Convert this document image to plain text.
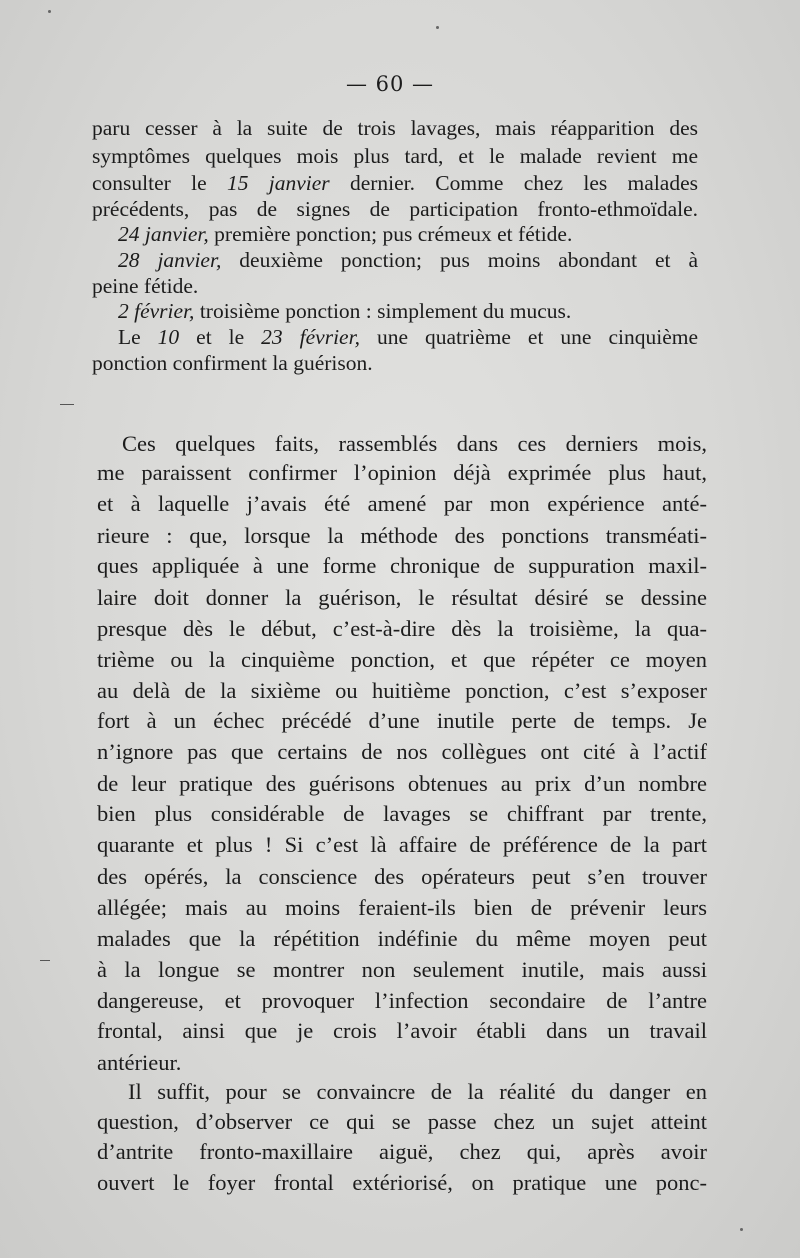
— 60 —
paru cesser à la suite de trois lavages, mais réapparition des
symptômes quelques mois plus tard, et le malade revient me
consulter le 15 janvier dernier. Comme chez les malades
précédents, pas de signes de participation fronto-ethmoïdale.
24 janvier, première ponction; pus crémeux et fétide.
28 janvier, deuxième ponction; pus moins abondant et à
peine fétide.
2 février, troisième ponction : simplement du mucus.
Le 10 et le 23 février, une quatrième et une cinquième
ponction confirment la guérison.
Ces quelques faits, rassemblés dans ces derniers mois,
me paraissent confirmer l’opinion déjà exprimée plus haut,
et à laquelle j’avais été amené par mon expérience anté-
rieure : que, lorsque la méthode des ponctions transméati-
ques appliquée à une forme chronique de suppuration maxil-
laire doit donner la guérison, le résultat désiré se dessine
presque dès le début, c’est-à-dire dès la troisième, la qua-
trième ou la cinquième ponction, et que répéter ce moyen
au delà de la sixième ou huitième ponction, c’est s’exposer
fort à un échec précédé d’une inutile perte de temps. Je
n’ignore pas que certains de nos collègues ont cité à l’actif
de leur pratique des guérisons obtenues au prix d’un nombre
bien plus considérable de lavages se chiffrant par trente,
quarante et plus ! Si c’est là affaire de préférence de la part
des opérés, la conscience des opérateurs peut s’en trouver
allégée; mais au moins feraient-ils bien de prévenir leurs
malades que la répétition indéfinie du même moyen peut
à la longue se montrer non seulement inutile, mais aussi
dangereuse, et provoquer l’infection secondaire de l’antre
frontal, ainsi que je crois l’avoir établi dans un travail
antérieur.
Il suffit, pour se convaincre de la réalité du danger en
question, d’observer ce qui se passe chez un sujet atteint
d’antrite fronto-maxillaire aiguë, chez qui, après avoir
ouvert le foyer frontal extériorisé, on pratique une ponc-
